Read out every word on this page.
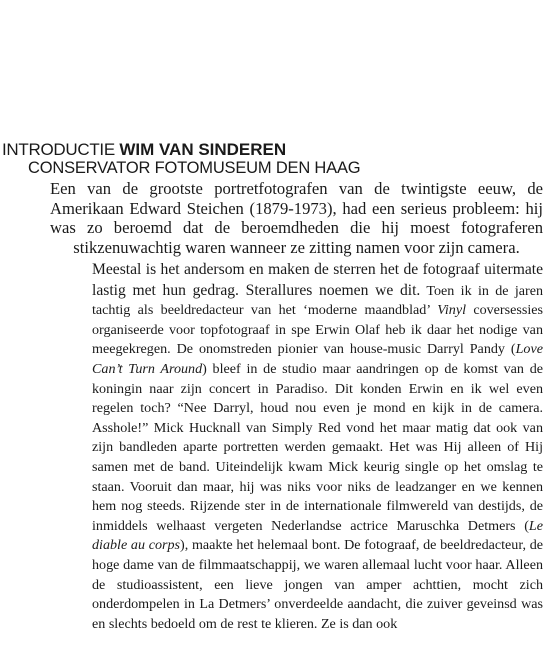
INTRODUCTIE WIM VAN SINDEREN
CONSERVATOR FOTOMUSEUM DEN HAAG

Een van de grootste portretfotografen van de twintigste eeuw, de Amerikaan Edward Steichen (1879-1973), had een serieus probleem: hij was zo beroemd dat de beroemdheden die hij moest fotograferen stikzenuwachtig waren wanneer ze zitting namen voor zijn camera.

Meestal is het andersom en maken de sterren het de fotograaf uitermate lastig met hun gedrag. Sterallures noemen we dit. Toen ik in de jaren tachtig als beeldredacteur van het ‘moderne maandblad’ Vinyl coversessies organiseerde voor topfotograaf in spe Erwin Olaf heb ik daar het nodige van meegekregen. De onomstreden pionier van house-music Darryl Pandy (Love Can’t Turn Around) bleef in de studio maar aandringen op de komst van de koningin naar zijn concert in Paradiso. Dit konden Erwin en ik wel even regelen toch? “Nee Darryl, houd nou even je mond en kijk in de camera. Asshole!” Mick Hucknall van Simply Red vond het maar matig dat ook van zijn bandleden aparte portretten werden gemaakt. Het was Hij alleen of Hij samen met de band. Uiteindelijk kwam Mick keurig single op het omslag te staan. Vooruit dan maar, hij was niks voor niks de leadzanger en we kennen hem nog steeds. Rijzende ster in de internationale filmwereld van destijds, de inmiddels welhaast vergeten Nederlandse actrice Maruschka Detmers (Le diable au corps), maakte het helemaal bont. De fotograaf, de beeldredacteur, de hoge dame van de filmmaatschappij, we waren allemaal lucht voor haar. Alleen de studioassistent, een lieve jongen van amper achttien, mocht zich onderdompelen in La Detmers’ onverdeelde aandacht, die zuiver geveinsd was en slechts bedoeld om de rest te klieren. Ze is dan ook
